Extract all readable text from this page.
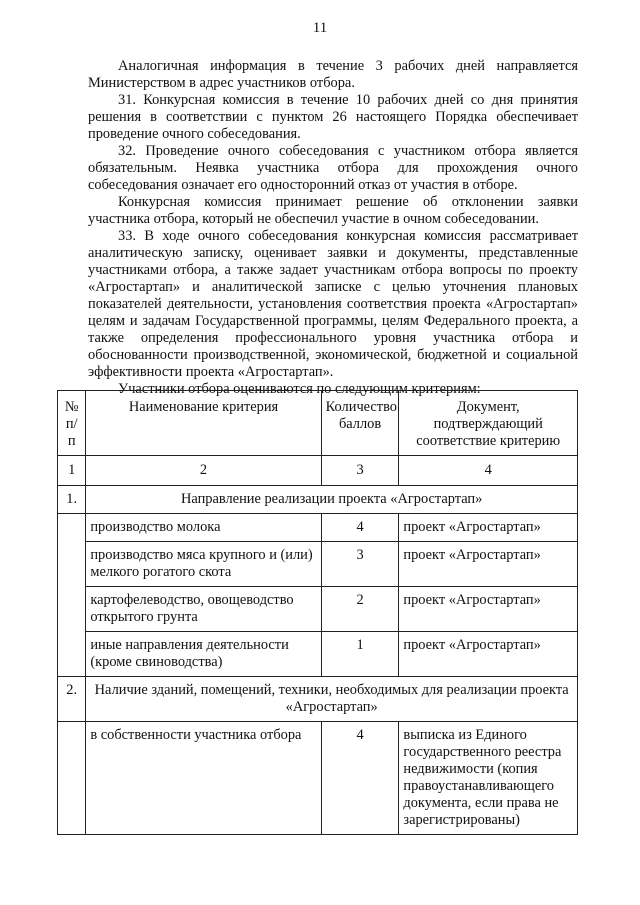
11

Аналогичная информация в течение 3 рабочих дней направляется Министерством в адрес участников отбора.

31. Конкурсная комиссия в течение 10 рабочих дней со дня принятия решения в соответствии с пунктом 26 настоящего Порядка обеспечивает проведение очного собеседования.

32. Проведение очного собеседования с участником отбора является обязательным. Неявка участника отбора для прохождения очного собеседования означает его односторонний отказ от участия в отборе.

Конкурсная комиссия принимает решение об отклонении заявки участника отбора, который не обеспечил участие в очном собеседовании.

33. В ходе очного собеседования конкурсная комиссия рассматривает аналитическую записку, оценивает заявки и документы, представленные участниками отбора, а также задает участникам отбора вопросы по проекту «Агростартап» и аналитической записке с целью уточнения плановых показателей деятельности, установления соответствия проекта «Агростартап» целям и задачам Государственной программы, целям Федерального проекта, а также определения профессионального уровня участника отбора и обоснованности производственной, экономической, бюджетной и социальной эффективности проекта «Агростартап».

Участники отбора оцениваются по следующим критериям:

№ п/п	Наименование критерия	Количество баллов	Документ, подтверждающий соответствие критерию
1	2	3	4
1.	Направление реализации проекта «Агростартап»		
	производство молока	4	проект «Агростартап»
	производство мяса крупного и (или) мелкого рогатого скота	3	проект «Агростартап»
	картофелеводство, овощеводство открытого грунта	2	проект «Агростартап»
	иные направления деятельности (кроме свиноводства)	1	проект «Агростартап»
2.	Наличие зданий, помещений, техники, необходимых для реализации проекта «Агростартап»		
	в собственности участника отбора	4	выписка из Единого государственного реестра недвижимости (копия правоустанавливающего документа, если права не зарегистрированы)
